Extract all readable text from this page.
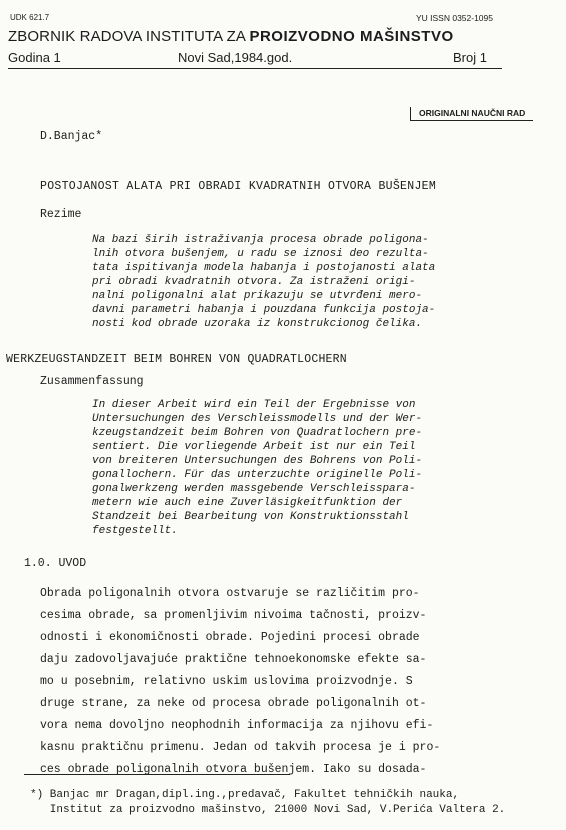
UDK 621.7	YU ISSN 0352-1095
ZBORNIK RADOVA INSTITUTA ZA PROIZVODNO MAŠINSTVO
Godina 1	Novi Sad,1984.god.	Broj 1
ORIGINALNI NAUČNI RAD
D.Banjac*
POSTOJANOST ALATA PRI OBRADI KVADRATNIH OTVORA BUŠENJEM
Rezime
Na bazi širih istraživanja procesa obrade poligona-
lnih otvora bušenjem, u radu se iznosi deo rezulta-
tata ispitivanja modela habanja i postojanosti alata
pri obradi kvadratnih otvora. Za istraženi origi-
nalni poligonalni alat prikazuju se utvrđeni mero-
davni parametri habanja i pouzdana funkcija postoja-
nosti kod obrade uzoraka iz konstrukcionog čelika.
WERKZEUGSTANDZEIT BEIM BOHREN VON QUADRATLOCHERN
Zusammenfassung
In dieser Arbeit wird ein Teil der Ergebnisse von
Untersuchungen des Verschleissmodells und der Wer-
kzeugstandzeit beim Bohren von Quadratlochern pre-
sentiert. Die vorliegende Arbeit ist nur ein Teil
von breiteren Untersuchungen des Bohrens von Poli-
gonallochern. Für das unterzuchte originelle Poli-
gonalwerkzeng werden massgebende Verschleisspara-
metern wie auch eine Zuverläsigkeitfunktion der
Standzeit bei Bearbeitung von Konstruktionsstahl
festgestellt.
1.0. UVOD
Obrada poligonalnih otvora ostvaruje se različitim pro-
cesima obrade, sa promenljivim nivoima tačnosti, proizv-
odnosti i ekonomičnosti obrade. Pojedini procesi obrade
daju zadovoljavajuće praktične tehnoekonomske efekte sa-
mo u posebnim, relativno uskim uslovima proizvodnje. S
druge strane, za neke od procesa obrade poligonalnih ot-
vora nema dovoljno neophodnih informacija za njihovu efi-
kasnu praktičnu primenu. Jedan od takvih procesa je i pro-
ces obrade poligonalnih otvora bušenjem. Iako su dosada-
*) Banjac mr Dragan,dipl.ing.,predavač, Fakultet tehničkih nauka,
Institut za proizvodno mašinstvo, 21000 Novi Sad, V.Perića Valtera 2.
